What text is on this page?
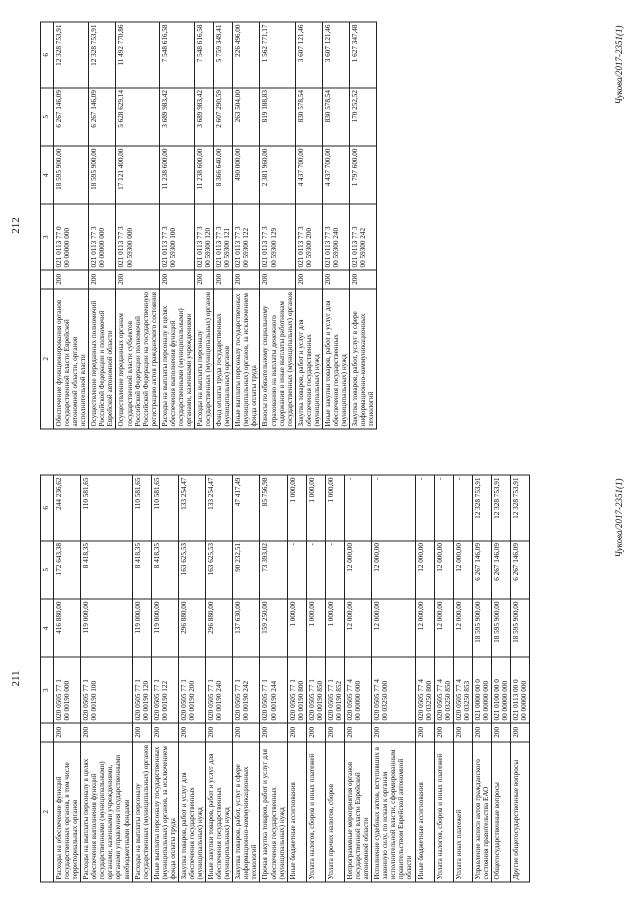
211
2		3	4	5	6
Расходы на обеспечение функций государственных органов, в том числе территориальных органов	200	020 0505 77 1
00 00190 000	416 880,00	172 643,38	244 236,62
Расходы на выплаты персоналу в целях обеспечения выполнения функций государственными (муниципальными) органами, казенными учреждениями, органами управления государственными внебюджетными фондами	200	020 0505 77 1
00 00190 100	119 000,00	8 418,35	110 581,65
Расходы на выплаты персоналу государственных (муниципальных) органов	200	020 0505 77 1
00 00190 120	119 000,00	8 418,35	110 581,65
Иные выплаты персоналу государственных (муниципальных) органов, за исключением фонда оплаты труда	200	020 0505 77 1
00 00190 122	119 000,00	8 418,35	110 581,65
Закупка товаров, работ и услуг для обеспечения государственных (муниципальных) нужд	200	020 0505 77 1
00 00190 200	296 880,00	163 625,53	133 254,47
Иные закупки товаров, работ и услуг для обеспечения государственных (муниципальных) нужд	200	020 0505 77 1
00 00190 240	296 880,00	163 625,53	133 254,47
Закупка товаров, работ, услуг в сфере информационно-коммуникационных технологий	200	020 0505 77 1
00 00190 242	137 630,00	90 232,51	47 417,49
Прочая закупка товаров, работ и услуг для обеспечения государственных (муниципальных) нужд	200	020 0505 77 1
00 00190 244	159 250,00	73 393,02	85 756,98
Иные бюджетные ассигнования	200	020 0505 77 1
00 00190 800	1 000,00	-	1 000,00
Уплата налогов, сборов и иных платежей	200	020 0505 77 1
00 00190 850	1 000,00	-	1 000,00
Уплата прочих налогов, сборов	200	020 0505 77 1
00 00190 852	1 000,00	-	1 000,00
Непрограммные мероприятия органов государственной власти Еврейской автономной области	200	020 0505 77 4
00 00000 000	12 000,00	12 000,00	-
Исполнение судебных актов, вступивших в законную силу, по искам к органам исполнительной власти, сформированным правительством Еврейской автономной области	200	020 0505 77 4
00 03250 000	12 000,00	12 000,00	-
Иные бюджетные ассигнования	200	020 0505 77 4
00 03250 800	12 000,00	12 000,00	-
Уплата налогов, сборов и иных платежей	200	020 0505 77 4
00 03250 850	12 000,00	12 000,00	-
Уплата иных платежей	200	020 0505 77 4
00 03250 853	12 000,00	12 000,00	-
Управление записи актов гражданского состояния правительства ЕАО	200	021 0000 00 0
00 00000 000	18 595 900,00	6 267 146,09	12 328 753,91
Общегосударственные вопросы	200	021 0100 00 0
00 00000 000	18 595 900,00	6 267 146,09	12 328 753,91
Другие общегосударственные вопросы	200	021 0113 00 0
00 00000 000	18 595 900,00	6 267 146,09	12 328 753,91	Чукова/2017-2351(1)
212
2		3	4	5	6
Обеспечение функционирования органов государственной власти Еврейской автономной области, органов исполнительной власти	200	021 0113 77 0
00 00000 000	18 595 900,00	6 267 146,09	12 328 753,91
Осуществление переданных полномочий Российской Федерации и полномочий Еврейской автономной области	200	021 0113 77 3
00 00000 000	18 595 900,00	6 267 146,09	12 328 753,91
Осуществление переданных органам государственной власти субъектов Российской Федерации полномочий Российской Федерации на государственную регистрацию актов гражданского состояния	200	021 0113 77 3
00 59300 000	17 121 400,00	5 628 629,14	11 492 770,86
Расходы на выплаты персоналу в целях обеспечения выполнения функций государственными (муниципальными) органами, казенными учреждениями	200	021 0113 77 3
00 59300 100	11 238 600,00	3 689 983,42	7 548 616,58
Расходы на выплаты персоналу государственных (муниципальных) органов	200	021 0113 77 3
00 59300 120	11 238 600,00	3 689 983,42	7 548 616,58
Фонд оплаты труда государственных (муниципальных) органов	200	021 0113 77 3
00 59300 121	8 366 640,00	2 607 290,59	5 759 349,41
Иные выплаты персоналу государственных (муниципальных) органов, за исключением фонда оплаты труда	200	021 0113 77 3
00 59300 122	490 000,00	263 504,00	226 496,00
Взносы по обязательному социальному страхованию на выплаты денежного содержания и иные выплаты работникам государственных (муниципальных) органов	200	021 0113 77 3
00 59300 129	2 381 960,00	819 188,83	1 562 771,17
Закупка товаров, работ и услуг для обеспечения государственных (муниципальных) нужд	200	021 0113 77 3
00 59300 200	4 437 700,00	830 578,54	3 607 121,46
Иные закупки товаров, работ и услуг для обеспечения государственных (муниципальных) нужд	200	021 0113 77 3
00 59300 240	4 437 700,00	830 578,54	3 607 121,46
Закупка товаров, работ, услуг в сфере информационно-коммуникационных технологий	200	021 0113 77 3
00 59300 242	1 797 600,00	170 252,52	1 627 347,48	Чукова/2017-2351(1)
